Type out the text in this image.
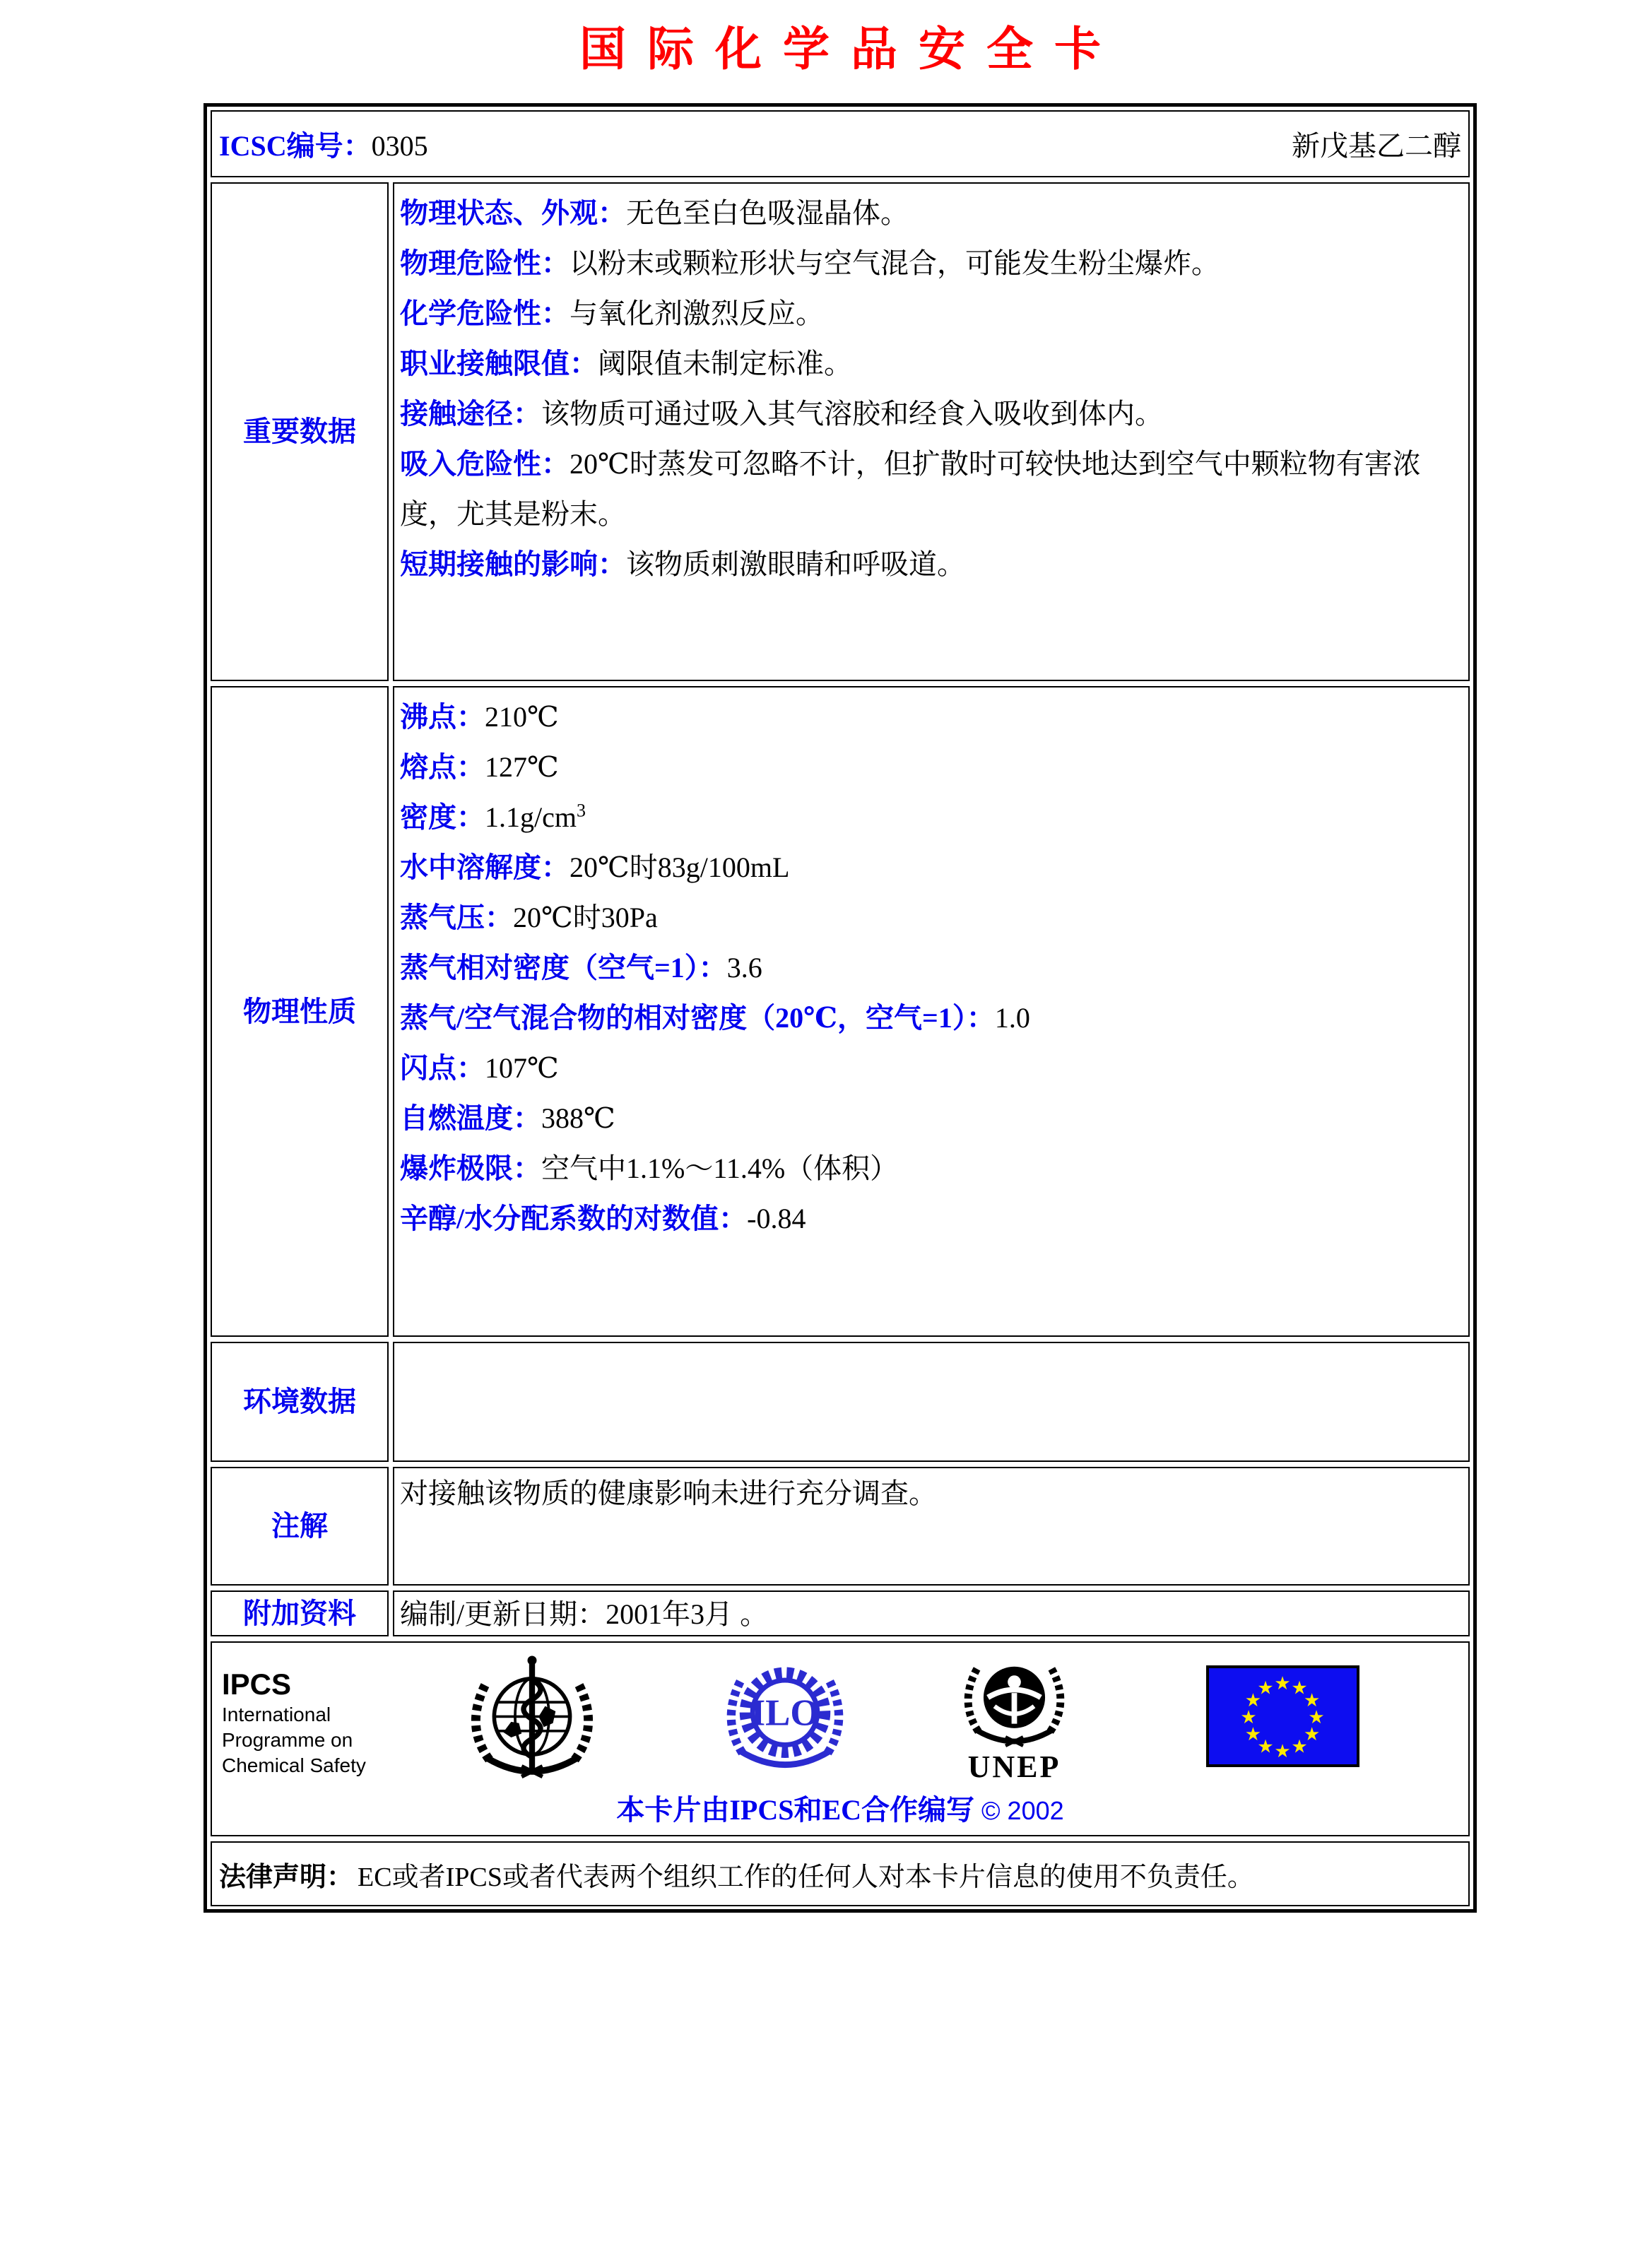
国际化学品安全卡
ICSC编号：0305	新戊基乙二醇
重要数据
物理状态、外观：无色至白色吸湿晶体。
物理危险性：以粉末或颗粒形状与空气混合，可能发生粉尘爆炸。
化学危险性：与氧化剂激烈反应。
职业接触限值：阈限值未制定标准。
接触途径：该物质可通过吸入其气溶胶和经食入吸收到体内。
吸入危险性：20℃时蒸发可忽略不计，但扩散时可较快地达到空气中颗粒物有害浓度，尤其是粉末。
短期接触的影响：该物质刺激眼睛和呼吸道。
物理性质
沸点：210℃
熔点：127℃
密度：$1.1g/cm^3$
水中溶解度：20℃时83g/100mL
蒸气压：20℃时30Pa
蒸气相对密度（空气=1）：3.6
蒸气/空气混合物的相对密度（20℃，空气=1）：1.0
闪点：107℃
自燃温度：388℃
爆炸极限：空气中1.1%～11.4%（体积）
辛醇/水分配系数的对数值：-0.84
环境数据
注解
对接触该物质的健康影响未进行充分调查。
附加资料	编制/更新日期：2001年3月 。
IPCS
International
Programme on
Chemical Safety
ILO
UNEP
★ ★
★
★
★
★
★
★
★
★
★
★
本卡片由IPCS和EC合作编写 © 2002
法律声明： EC或者IPCS或者代表两个组织工作的任何人对本卡片信息的使用不负责任。
